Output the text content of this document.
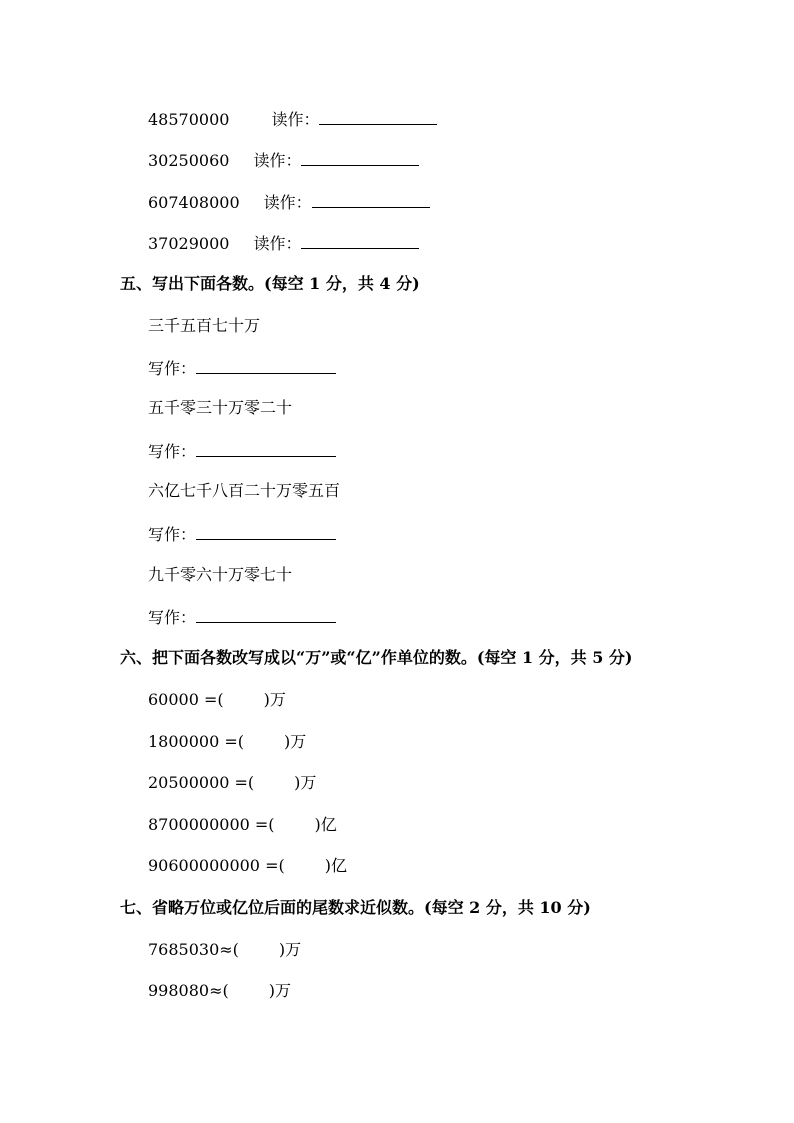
48570000	读作：
30250060 读作：
607408000 读作：
37029000 读作：
五、写出下面各数。(每空 1 分，共 4 分)
三千五百七十万
写作：
五千零三十万零二十
写作：
六亿七千八百二十万零五百
写作：
九千零六十万零七十
写作：
六、把下面各数改写成以“万”或“亿”作单位的数。(每空 1 分，共 5 分)
60000 =(	)万
1800000 =(	)万
20500000 =(	)万
8700000000 =(	)亿
90600000000 =(	)亿
七、省略万位或亿位后面的尾数求近似数。(每空 2 分，共 10 分)
7685030≈(	)万
998080≈(	)万
